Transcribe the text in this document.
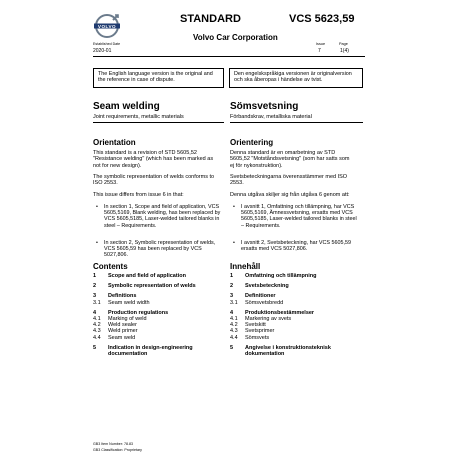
VOLVO
Established Date
2020-01
STANDARD	VCS 5623,59
Volvo Car Corporation
Issue	Page
7	1(4)
The English language version is the original and the reference in case of dispute.
Den engelskspråkiga versionen är originalversion och ska åberopas i händelse av tvist.
Seam welding
Joint requirements, metallic materials
Orientation
This standard is a revision of STD 5605,52 "Resistance welding" (which has been marked as not for new design).
The symbolic representation of welds conforms to ISO 2553.
This issue differs from issue 6 in that:
• In section 1, Scope and field of application, VCS 5605,5169, Blank welding, has been replaced by VCS 5605,5185, Laser-welded tailored blanks in steel – Requirements.
• In section 2, Symbolic representation of welds, VCS 5605,59 has been replaced by VCS 5027,806.
Contents
1	Scope and field of application
2	Symbolic representation of welds
3	Definitions
3.1	Seam weld width
4	Production regulations
4.1	Marking of weld
4.2	Weld sealer
4.3	Weld primer
4.4	Seam weld
5	Indication in design-engineering documentation
Sömsvetsning
Förbandskrav, metalliska material
Orientering
Denna standard är en omarbetning av STD 5605,52 "Motståndsvetsning" (som har satts som ej för nykonstruktion).
Svetsbeteckningarna överensstämmer med ISO 2553.
Denna utgåva skiljer sig från utgåva 6 genom att:
• I avsnitt 1, Omfattning och tillämpning, har VCS 5605,5169, Ämnessvetsning, ersatts med VCS 5605,5185, Laser-welded tailored blanks in steel – Requirements.
• I avsnitt 2, Svetsbeteckning, har VCS 5605,59 ersatts med VCS 5027,806.
Innehåll
1	Omfattning och tillämpning
2	Svetsbeteckning
3	Definitioner
3.1	Sömsvetsbredd
4	Produktionsbestämmelser
4.1	Markering av svets
4.2	Svetskitt
4.3	Svetsprimer
4.4	Sömsvets
5	Angivelse i konstruktionsteknisk dokumentation
GB3 Item Number: 78.83
GB3 Classification: Proprietary
